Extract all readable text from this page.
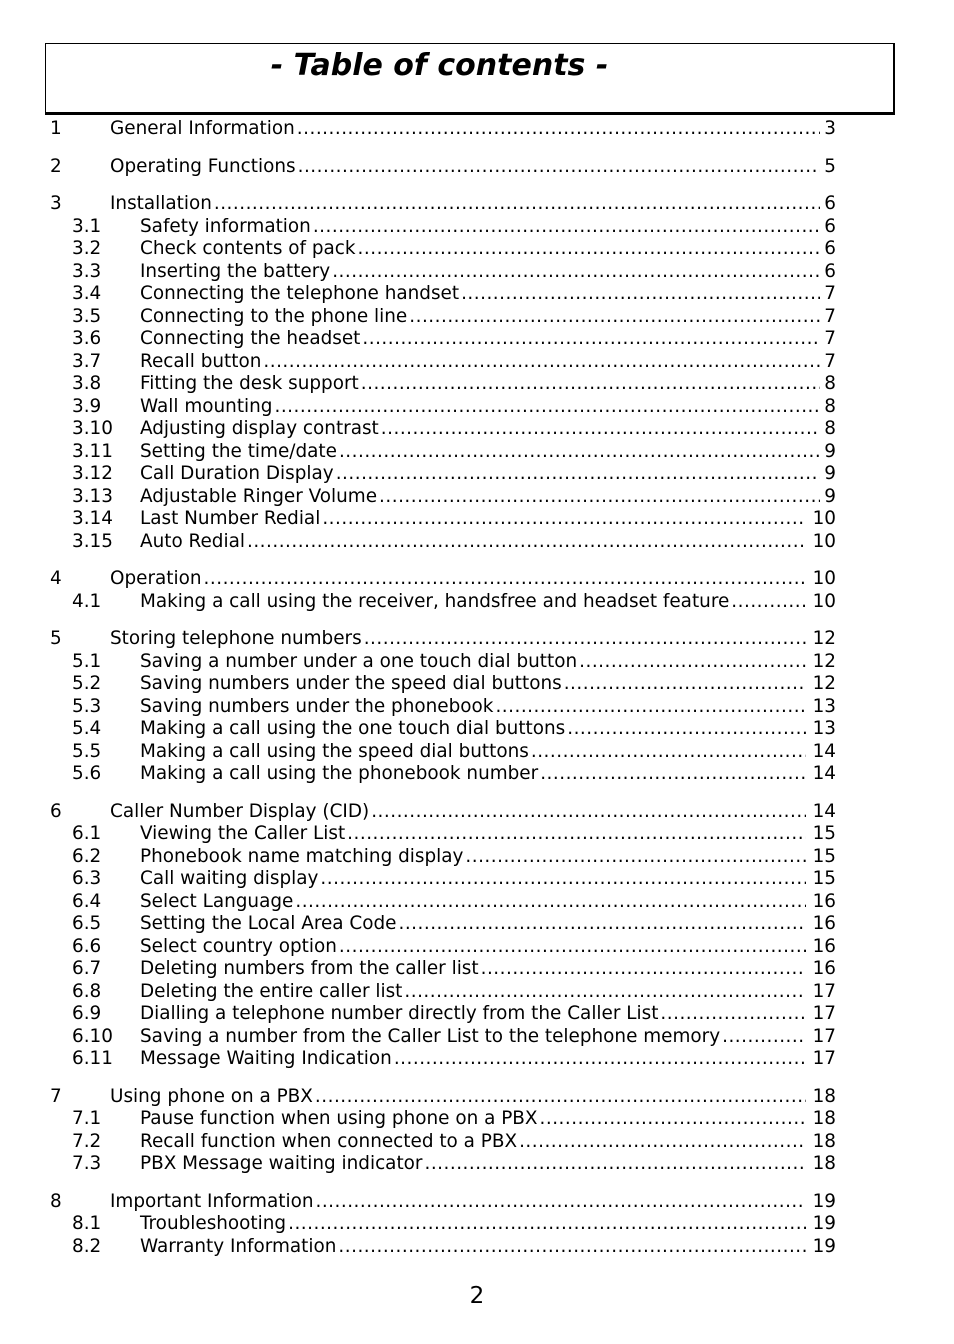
- Table of contents -
1	General Information .....	3
2	Operating Functions .....	5
3	Installation .....	6
3.1 Safety information .....	6
3.2 Check contents of pack .....	6
3.3 Inserting the battery .....	6
3.4 Connecting the telephone handset .....	7
3.5 Connecting to the phone line .....	7
3.6 Connecting the headset .....	7
3.7 Recall button .....	7
3.8 Fitting the desk support .....	8
3.9 Wall mounting .....	8
3.10 Adjusting display contrast .....	8
3.11 Setting the time/date .....	9
3.12 Call Duration Display .....	9
3.13 Adjustable Ringer Volume .....	9
3.14 Last Number Redial .....	10
3.15 Auto Redial .....	10
4	Operation .....	10
4.1 Making a call using the receiver, handsfree and headset feature .....	10
5	Storing telephone numbers .....	12
5.1 Saving a number under a one touch dial button .....	12
5.2 Saving numbers under the speed dial buttons .....	12
5.3 Saving numbers under the phonebook .....	13
5.4 Making a call using the one touch dial buttons .....	13
5.5 Making a call using the speed dial buttons .....	14
5.6 Making a call using the phonebook number .....	14
6	Caller Number Display (CID) .....	14
6.1 Viewing the Caller List .....	15
6.2 Phonebook name matching display .....	15
6.3 Call waiting display .....	15
6.4 Select Language .....	16
6.5 Setting the Local Area Code .....	16
6.6 Select country option .....	16
6.7 Deleting numbers from the caller list .....	16
6.8 Deleting the entire caller list .....	17
6.9 Dialling a telephone number directly from the Caller List .....	17
6.10 Saving a number from the Caller List to the telephone memory .....	17
6.11 Message Waiting Indication .....	17
7	Using phone on a PBX .....	18
7.1 Pause function when using phone on a PBX .....	18
7.2 Recall function when connected to a PBX .....	18
7.3 PBX Message waiting indicator .....	18
8	Important Information .....	19
8.1 Troubleshooting .....	19
8.2 Warranty Information .....	19
2
